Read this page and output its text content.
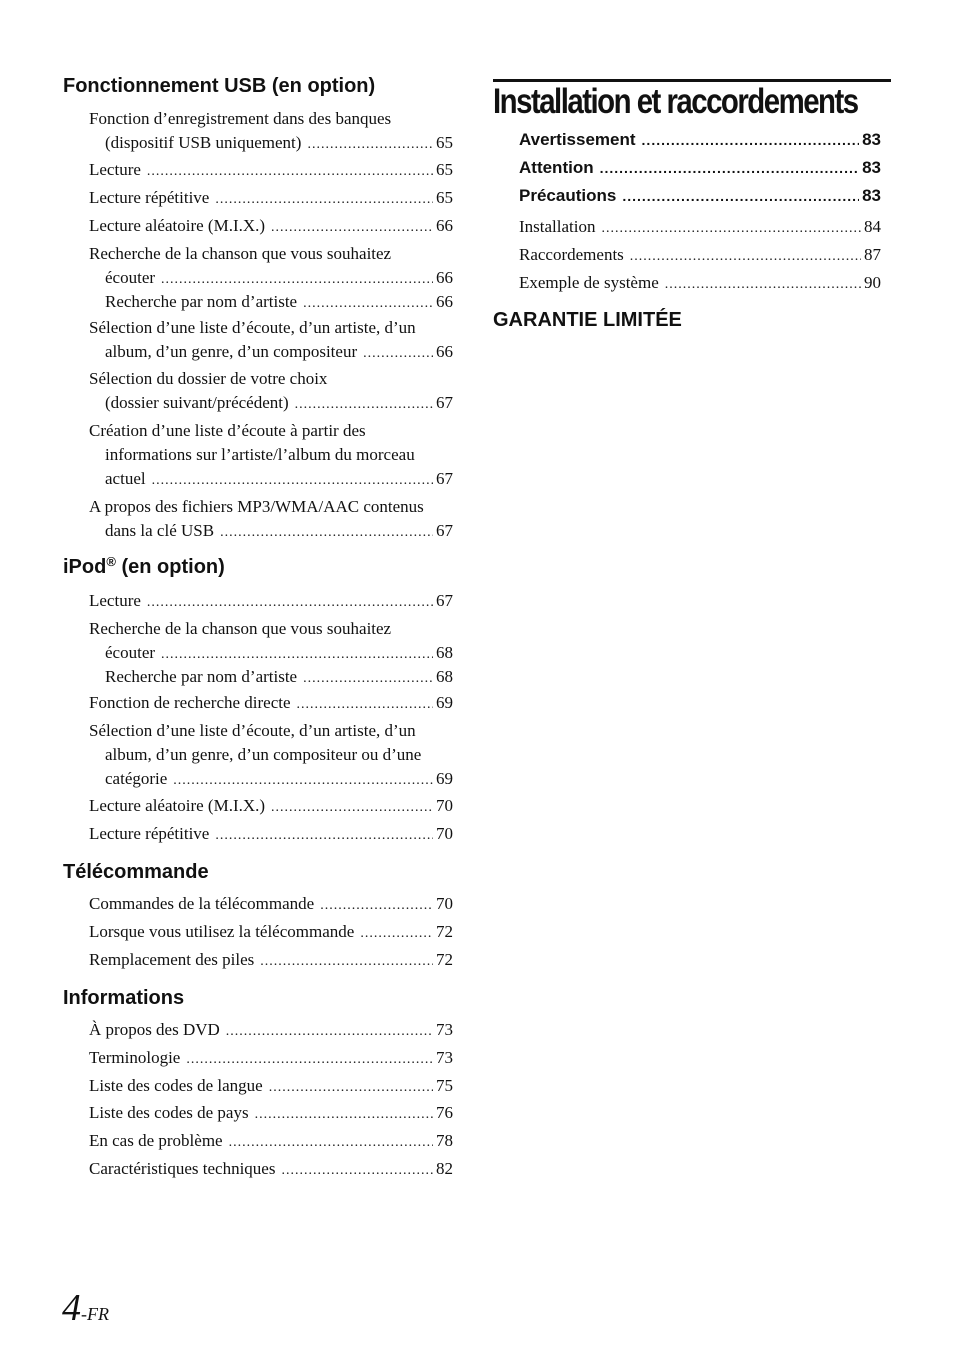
Fonctionnement USB (en option)
Fonction d’enregistrement dans des banques
(dispositif USB uniquement) .....	65
Lecture .....	65
Lecture répétitive .....	65
Lecture aléatoire (M.I.X.) .....	66
Recherche de la chanson que vous souhaitez
écouter .....	66
Recherche par nom d’artiste .....	66
Sélection d’une liste d’écoute, d’un artiste, d’un
album, d’un genre, d’un compositeur .....	66
Sélection du dossier de votre choix
(dossier suivant/précédent) .....	67
Création d’une liste d’écoute à partir des
informations sur l’artiste/l’album du morceau
actuel .....	67
A propos des fichiers MP3/WMA/AAC contenus
dans la clé USB .....	67
iPod® (en option)
Lecture .....	67
Recherche de la chanson que vous souhaitez
écouter .....	68
Recherche par nom d’artiste .....	68
Fonction de recherche directe .....	69
Sélection d’une liste d’écoute, d’un artiste, d’un
album, d’un genre, d’un compositeur ou d’une
catégorie .....	69
Lecture aléatoire (M.I.X.) .....	70
Lecture répétitive .....	70
Télécommande
Commandes de la télécommande .....	70
Lorsque vous utilisez la télécommande .....	72
Remplacement des piles .....	72
Informations
À propos des DVD .....	73
Terminologie .....	73
Liste des codes de langue .....	75
Liste des codes de pays .....	76
En cas de problème .....	78
Caractéristiques techniques .....	82
Installation et raccordements
Avertissement .....	83
Attention .....	83
Précautions .....	83
Installation .....	84
Raccordements .....	87
Exemple de système .....	90
GARANTIE LIMITÉE
4-FR
